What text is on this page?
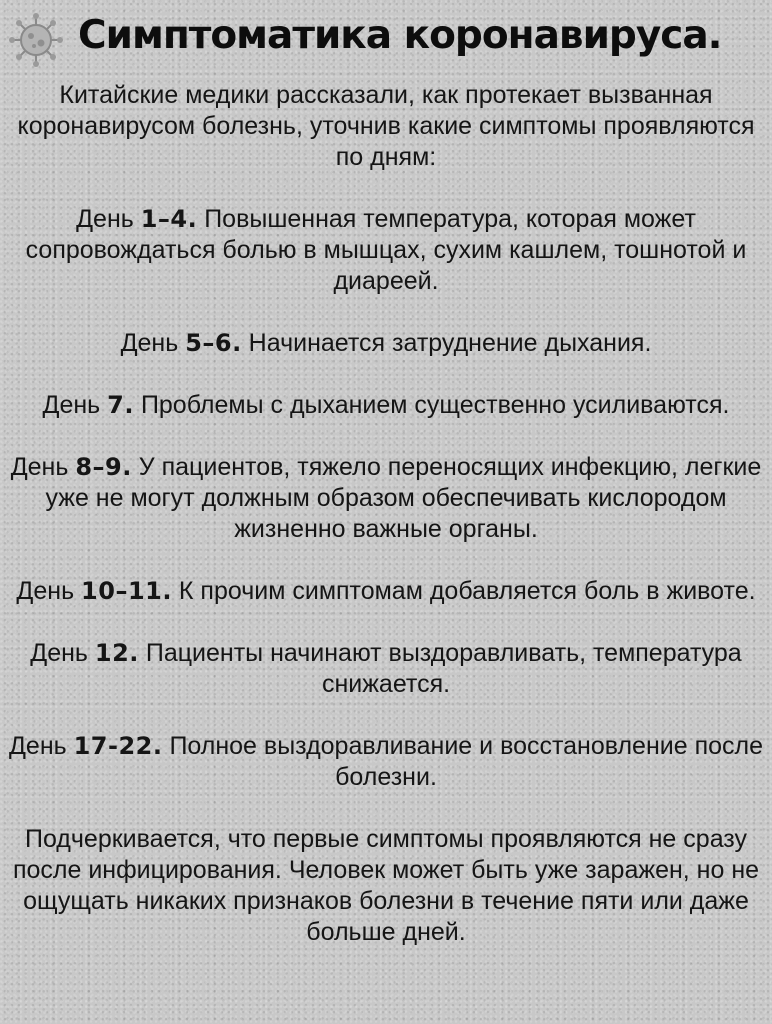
Симптоматика коронавируса.

Китайские медики рассказали, как протекает вызванная коронавирусом болезнь, уточнив какие симптомы проявляются по дням:

День 1–4. Повышенная температура, которая может сопровождаться болью в мышцах, сухим кашлем, тошнотой и диареей.

День 5–6. Начинается затруднение дыхания.

День 7. Проблемы с дыханием существенно усиливаются.

День 8–9. У пациентов, тяжело переносящих инфекцию, легкие уже не могут должным образом обеспечивать кислородом жизненно важные органы.

День 10–11. К прочим симптомам добавляется боль в животе.

День 12. Пациенты начинают выздоравливать, температура снижается.

День 17-22. Полное выздоравливание и восстановление после болезни.

Подчеркивается, что первые симптомы проявляются не сразу после инфицирования. Человек может быть уже заражен, но не ощущать никаких признаков болезни в течение пяти или даже больше дней.
